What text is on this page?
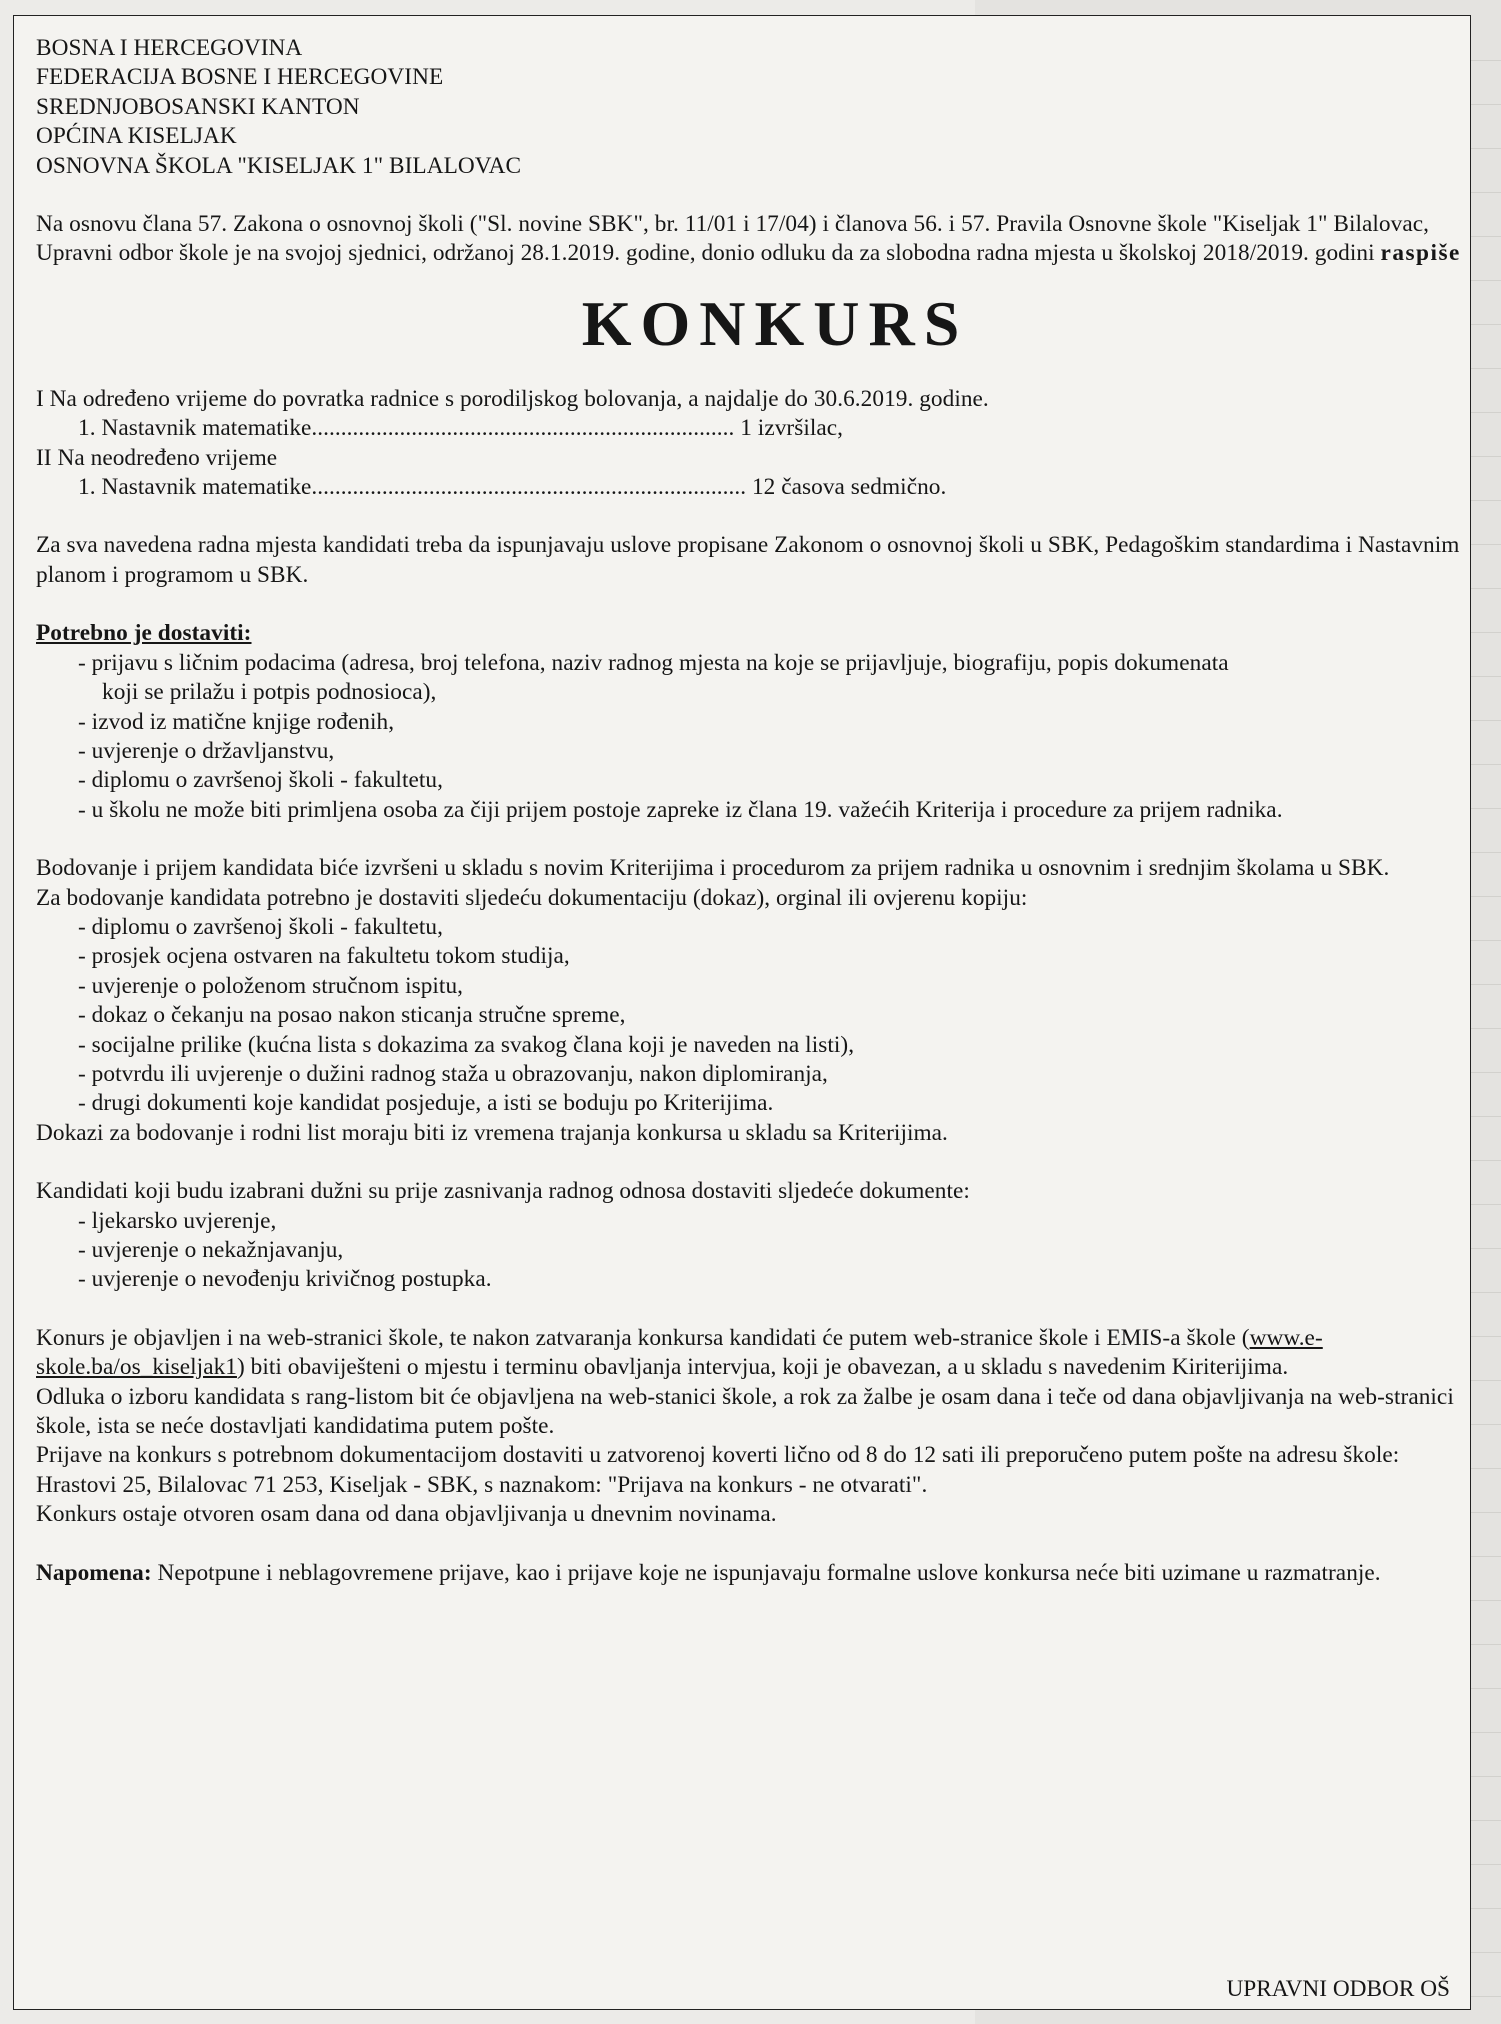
BOSNA I HERCEGOVINA
FEDERACIJA BOSNE I HERCEGOVINE
SREDNJOBOSANSKI KANTON
OPĆINA KISELJAK
OSNOVNA ŠKOLA "KISELJAK 1" BILALOVAC

Na osnovu člana 57. Zakona o osnovnoj školi ("Sl. novine SBK", br. 11/01 i 17/04) i članova 56. i 57. Pravila Osnovne škole "Kiseljak 1" Bilalovac, Upravni odbor škole je na svojoj sjednici, održanoj 28.1.2019. godine, donio odluku da za slobodna radna mjesta u školskoj 2018/2019. godini raspiše

KONKURS
I Na određeno vrijeme do povratka radnice s porodiljskog bolovanja, a najdalje do 30.6.2019. godine.
1. Nastavnik matematike........................................................................ 1 izvršilac,
II Na neodređeno vrijeme
1. Nastavnik matematike.......................................................................... 12 časova sedmično.

Za sva navedena radna mjesta kandidati treba da ispunjavaju uslove propisane Zakonom o osnovnoj školi u SBK, Pedagoškim standardima i Nastavnim planom i programom u SBK.

Potrebno je dostaviti:
- prijavu s ličnim podacima (adresa, broj telefona, naziv radnog mjesta na koje se prijavljuje, biografiju, popis dokumenata
koji se prilažu i potpis podnosioca),
- izvod iz matične knjige rođenih,
- uvjerenje o državljanstvu,
- diplomu o završenoj školi - fakultetu,
- u školu ne može biti primljena osoba za čiji prijem postoje zapreke iz člana 19. važećih Kriterija i procedure za prijem radnika.

Bodovanje i prijem kandidata biće izvršeni u skladu s novim Kriterijima i procedurom za prijem radnika u osnovnim i srednjim školama u SBK.

Za bodovanje kandidata potrebno je dostaviti sljedeću dokumentaciju (dokaz), orginal ili ovjerenu kopiju:
- diplomu o završenoj školi - fakultetu,
- prosjek ocjena ostvaren na fakultetu tokom studija,
- uvjerenje o položenom stručnom ispitu,
- dokaz o čekanju na posao nakon sticanja stručne spreme,
- socijalne prilike (kućna lista s dokazima za svakog člana koji je naveden na listi),
- potvrdu ili uvjerenje o dužini radnog staža u obrazovanju, nakon diplomiranja,
- drugi dokumenti koje kandidat posjeduje, a isti se boduju po Kriterijima.
Dokazi za bodovanje i rodni list moraju biti iz vremena trajanja konkursa u skladu sa Kriterijima.
Kandidati koji budu izabrani dužni su prije zasnivanja radnog odnosa dostaviti sljedeće dokumente:
- ljekarsko uvjerenje,
- uvjerenje o nekažnjavanju,
- uvjerenje o nevođenju krivičnog postupka.

Konurs je objavljen i na web-stranici škole, te nakon zatvaranja konkursa kandidati će putem web-stranice škole i EMIS-a škole (www.e-skole.ba/os_kiseljak1) biti obaviješteni o mjestu i terminu obavljanja intervjua, koji je obavezan, a u skladu s navedenim Kiriterijima.

Odluka o izboru kandidata s rang-listom bit će objavljena na web-stanici škole, a rok za žalbe je osam dana i teče od dana objavljivanja na web-stranici škole, ista se neće dostavljati kandidatima putem pošte.

Prijave na konkurs s potrebnom dokumentacijom dostaviti u zatvorenoj koverti lično od 8 do 12 sati ili preporučeno putem pošte na adresu škole: Hrastovi 25, Bilalovac 71 253, Kiseljak - SBK, s naznakom: "Prijava na konkurs - ne otvarati".

Konkurs ostaje otvoren osam dana od dana objavljivanja u dnevnim novinama.

Napomena: Nepotpune i neblagovremene prijave, kao i prijave koje ne ispunjavaju formalne uslove konkursa neće biti uzimane u razmatranje.

UPRAVNI ODBOR OŠ
